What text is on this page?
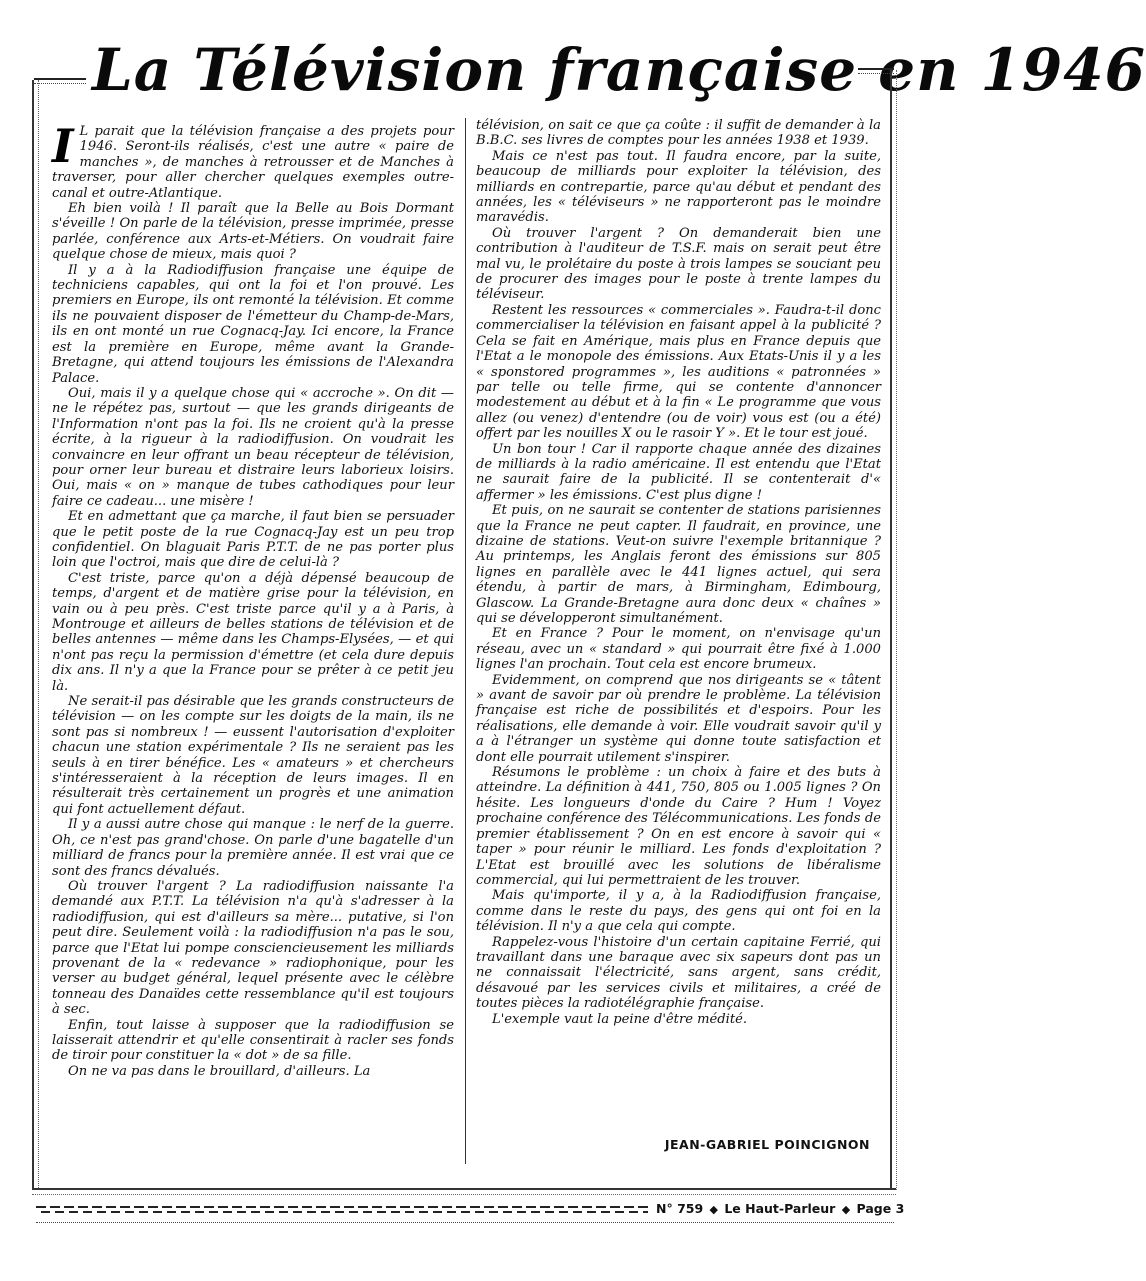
La Télévision française en 1946

I L parait que la télévision française a des projets pour 1946. Seront-ils réalisés, c'est une autre « paire de manches », de manches à retrousser et de Manches à traverser, pour aller chercher quelques exemples outre-canal et outre-Atlantique.

Eh bien voilà ! Il paraît que la Belle au Bois Dormant s'éveille ! On parle de la télévision, presse imprimée, presse parlée, conférence aux Arts-et-Métiers. On voudrait faire quelque chose de mieux, mais quoi ?

Il y a à la Radiodiffusion française une équipe de techniciens capables, qui ont la foi et l'on prouvé. Les premiers en Europe, ils ont remonté la télévision. Et comme ils ne pouvaient disposer de l'émetteur du Champ-de-Mars, ils en ont monté un rue Cognacq-Jay. Ici encore, la France est la première en Europe, même avant la Grande-Bretagne, qui attend toujours les émissions de l'Alexandra Palace.

Oui, mais il y a quelque chose qui « accroche ». On dit — ne le répétez pas, surtout — que les grands dirigeants de l'Information n'ont pas la foi. Ils ne croient qu'à la presse écrite, à la rigueur à la radiodiffusion. On voudrait les convaincre en leur offrant un beau récepteur de télévision, pour orner leur bureau et distraire leurs laborieux loisirs. Oui, mais « on » manque de tubes cathodiques pour leur faire ce cadeau... une misère !

Et en admettant que ça marche, il faut bien se persuader que le petit poste de la rue Cognacq-Jay est un peu trop confidentiel. On blaguait Paris P.T.T. de ne pas porter plus loin que l'octroi, mais que dire de celui-là ?

C'est triste, parce qu'on a déjà dépensé beaucoup de temps, d'argent et de matière grise pour la télévision, en vain ou à peu près. C'est triste parce qu'il y a à Paris, à Montrouge et ailleurs de belles stations de télévision et de belles antennes — même dans les Champs-Elysées, — et qui n'ont pas reçu la permission d'émettre (et cela dure depuis dix ans. Il n'y a que la France pour se prêter à ce petit jeu là.

Ne serait-il pas désirable que les grands constructeurs de télévision — on les compte sur les doigts de la main, ils ne sont pas si nombreux ! — eussent l'autorisation d'exploiter chacun une station expérimentale ? Ils ne seraient pas les seuls à en tirer bénéfice. Les « amateurs » et chercheurs s'intéresseraient à la réception de leurs images. Il en résulterait très certainement un progrès et une animation qui font actuellement défaut.

Il y a aussi autre chose qui manque : le nerf de la guerre. Oh, ce n'est pas grand'chose. On parle d'une bagatelle d'un milliard de francs pour la première année. Il est vrai que ce sont des francs dévalués.

Où trouver l'argent ? La radiodiffusion naissante l'a demandé aux P.T.T. La télévision n'a qu'à s'adresser à la radiodiffusion, qui est d'ailleurs sa mère... putative, si l'on peut dire. Seulement voilà : la radiodiffusion n'a pas le sou, parce que l'Etat lui pompe consciencieusement les milliards provenant de la « redevance » radiophonique, pour les verser au budget général, lequel présente avec le célèbre tonneau des Danaïdes cette ressemblance qu'il est toujours à sec.

Enfin, tout laisse à supposer que la radiodiffusion se laisserait attendrir et qu'elle consentirait à racler ses fonds de tiroir pour constituer la « dot » de sa fille.

On ne va pas dans le brouillard, d'ailleurs. La

télévision, on sait ce que ça coûte : il suffit de demander à la B.B.C. ses livres de comptes pour les années 1938 et 1939.

Mais ce n'est pas tout. Il faudra encore, par la suite, beaucoup de milliards pour exploiter la télévision, des milliards en contrepartie, parce qu'au début et pendant des années, les « téléviseurs » ne rapporteront pas le moindre maravédis.

Où trouver l'argent ? On demanderait bien une contribution à l'auditeur de T.S.F. mais on serait peut être mal vu, le prolétaire du poste à trois lampes se souciant peu de procurer des images pour le poste à trente lampes du téléviseur.

Restent les ressources « commerciales ». Faudra-t-il donc commercialiser la télévision en faisant appel à la publicité ? Cela se fait en Amérique, mais plus en France depuis que l'Etat a le monopole des émissions. Aux Etats-Unis il y a les « sponstored programmes », les auditions « patronnées » par telle ou telle firme, qui se contente d'annoncer modestement au début et à la fin « Le programme que vous allez (ou venez) d'entendre (ou de voir) vous est (ou a été) offert par les nouilles X ou le rasoir Y ». Et le tour est joué.

Un bon tour ! Car il rapporte chaque année des dizaines de milliards à la radio américaine. Il est entendu que l'Etat ne saurait faire de la publicité. Il se contenterait d'« affermer » les émissions. C'est plus digne !

Et puis, on ne saurait se contenter de stations parisiennes que la France ne peut capter. Il faudrait, en province, une dizaine de stations. Veut-on suivre l'exemple britannique ? Au printemps, les Anglais feront des émissions sur 805 lignes en parallèle avec le 441 lignes actuel, qui sera étendu, à partir de mars, à Birmingham, Edimbourg, Glascow. La Grande-Bretagne aura donc deux « chaînes » qui se développeront simultanément.

Et en France ? Pour le moment, on n'envisage qu'un réseau, avec un « standard » qui pourrait être fixé à 1.000 lignes l'an prochain. Tout cela est encore brumeux.

Evidemment, on comprend que nos dirigeants se « tâtent » avant de savoir par où prendre le problème. La télévision française est riche de possibilités et d'espoirs. Pour les réalisations, elle demande à voir. Elle voudrait savoir qu'il y a à l'étranger un système qui donne toute satisfaction et dont elle pourrait utilement s'inspirer.

Résumons le problème : un choix à faire et des buts à atteindre. La définition à 441, 750, 805 ou 1.005 lignes ? On hésite. Les longueurs d'onde du Caire ? Hum ! Voyez prochaine conférence des Télécommunications. Les fonds de premier établissement ? On en est encore à savoir qui « taper » pour réunir le milliard. Les fonds d'exploitation ? L'Etat est brouillé avec les solutions de libéralisme commercial, qui lui permettraient de les trouver.

Mais qu'importe, il y a, à la Radiodiffusion française, comme dans le reste du pays, des gens qui ont foi en la télévision. Il n'y a que cela qui compte.

Rappelez-vous l'histoire d'un certain capitaine Ferrié, qui travaillant dans une baraque avec six sapeurs dont pas un ne connaissait l'électricité, sans argent, sans crédit, désavoué par les services civils et militaires, a créé de toutes pièces la radiotélégraphie française.

L'exemple vaut la peine d'être médité.

JEAN-GABRIEL POINCIGNON
N° 759 ◆ Le Haut-Parleur ◆ Page 3
